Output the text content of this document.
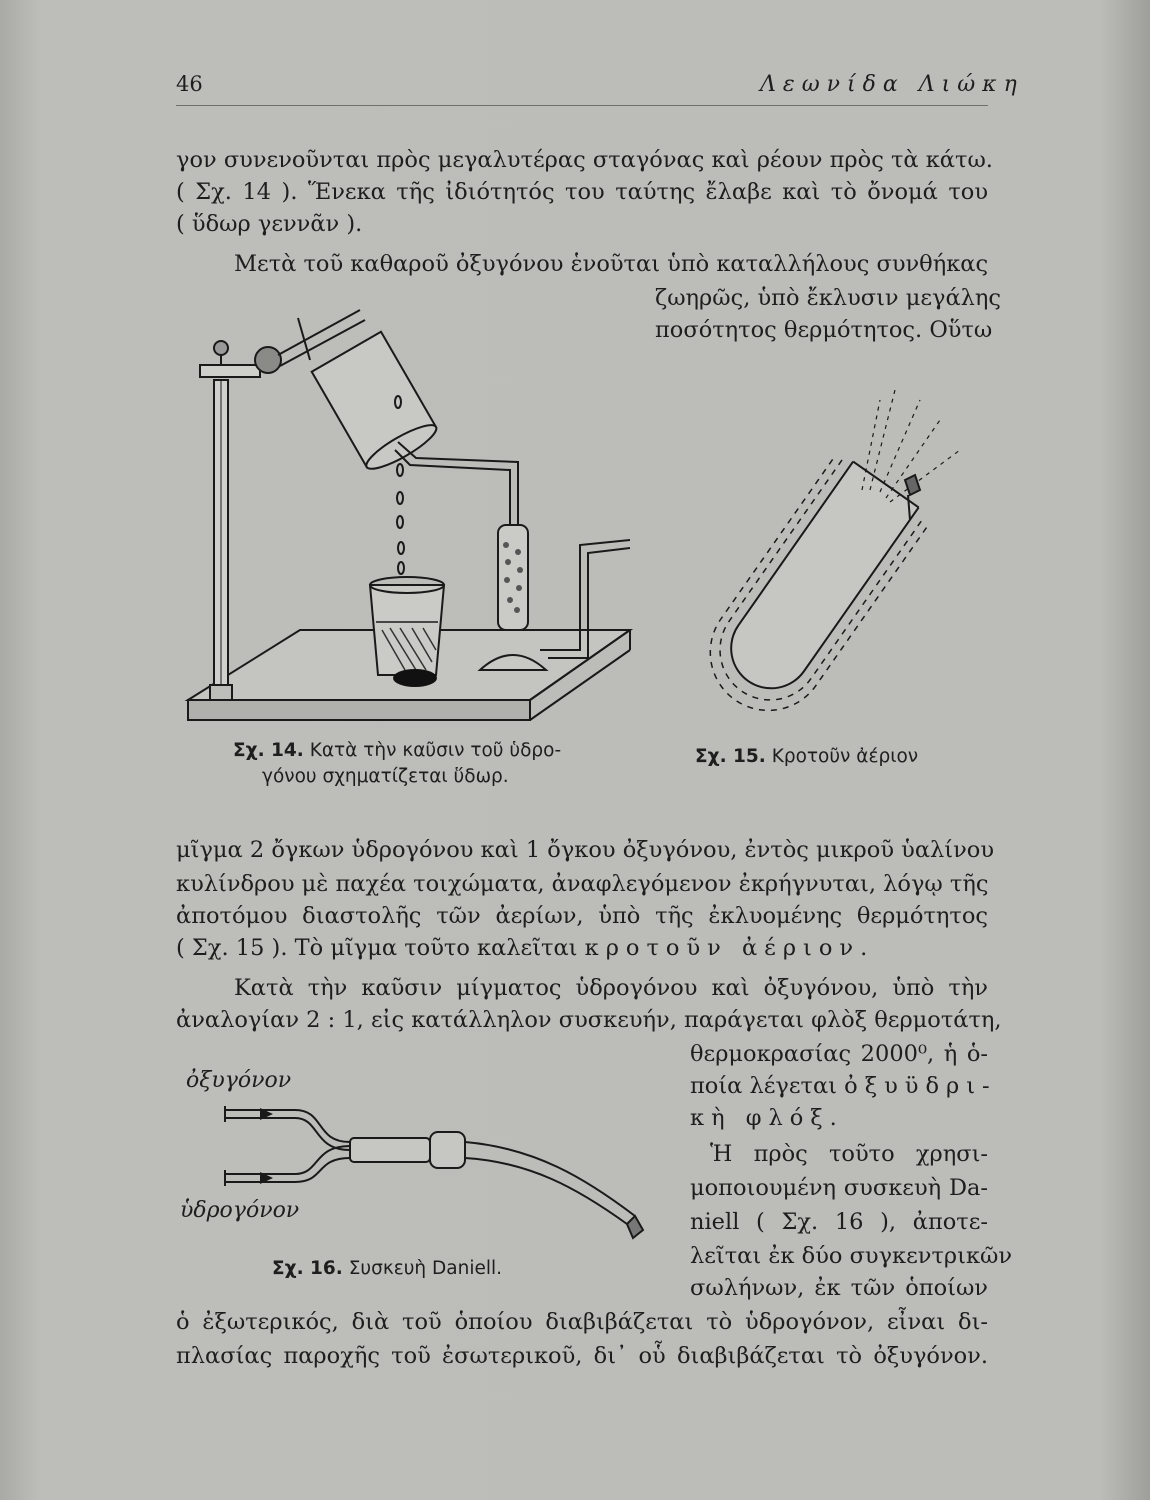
46	Λεωνίδα Λιώκη
γον συνενοῦνται πρὸς μεγαλυτέρας σταγόνας καὶ ρέουν πρὸς τὰ κάτω.
( Σχ. 14 ). Ἕνεκα τῆς ἰδιότητός του ταύτης ἔλαβε καὶ τὸ ὄνομά του
( ὕδωρ γεννᾶν ).
Μετὰ τοῦ καθαροῦ ὀξυγόνου ἑνοῦται ὑπὸ καταλλήλους συνθήκας
ζωηρῶς, ὑπὸ ἔκλυσιν μεγάλης
ποσότητος θερμότητος. Οὕτω
Σχ. 14. Κατὰ τὴν καῦσιν τοῦ ὑδρο-
γόνου σχηματίζεται ὕδωρ.
Σχ. 15. Κροτοῦν ἀέριον
μῖγμα 2 ὄγκων ὑδρογόνου καὶ 1 ὄγκου ὀξυγόνου, ἐντὸς μικροῦ ὑαλίνου
κυλίνδρου μὲ παχέα τοιχώματα, ἀναφλεγόμενον ἐκρήγνυται, λόγῳ τῆς
ἀποτόμου διαστολῆς τῶν ἀερίων, ὑπὸ τῆς ἐκλυομένης θερμότητος
( Σχ. 15 ). Τὸ μῖγμα τοῦτο καλεῖται κροτοῦν ἀέριον.
Κατὰ τὴν καῦσιν μίγματος ὑδρογόνου καὶ ὀξυγόνου, ὑπὸ τὴν
ἀναλογίαν 2 : 1, εἰς κατάλληλον συσκευήν, παράγεται φλὸξ θερμοτάτη,
θερμοκρασίας 2000⁰, ἡ ὁ-
ποία λέγεται ὀξυϋδρι-
κὴ φλόξ.
Ἡ πρὸς τοῦτο χρησι-
μοποιουμένη συσκευὴ Da-
niell ( Σχ. 16 ), ἀποτε-
λεῖται ἐκ δύο συγκεντρικῶν
σωλήνων, ἐκ τῶν ὁποίων
ὀξυγόνον
ὑδρογόνον
Σχ. 16. Συσκευὴ Daniell.
ὁ ἐξωτερικός, διὰ τοῦ ὁποίου διαβιβάζεται τὸ ὑδρογόνον, εἶναι δι-
πλασίας παροχῆς τοῦ ἐσωτερικοῦ, δι᾽ οὗ διαβιβάζεται τὸ ὀξυγόνον.
